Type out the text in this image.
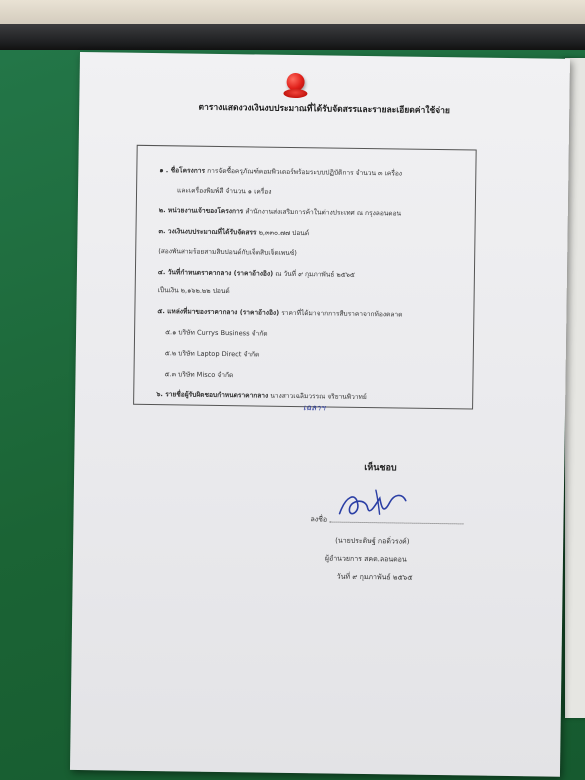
ตารางแสดงวงเงินงบประมาณที่ได้รับจัดสรรและรายละเอียดค่าใช้จ่าย
๑ . ชื่อโครงการ การจัดซื้อครุภัณฑ์คอมพิวเตอร์พร้อมระบบปฏิบัติการ จำนวน ๓ เครื่อง
และเครื่องพิมพ์สี จำนวน ๑ เครื่อง
๒. หน่วยงานเจ้าของโครงการ สำนักงานส่งเสริมการค้าในต่างประเทศ ณ กรุงลอนดอน
๓. วงเงินงบประมาณที่ได้รับจัดสรร ๒,๓๓๐.๗๗ ปอนด์
(สองพันสามร้อยสามสิบปอนด์กับเจ็ดสิบเจ็ดเพนซ์)
๔. วันที่กำหนดราคากลาง (ราคาอ้างอิง) ณ วันที่ ๙ กุมภาพันธ์ ๒๕๖๕
เป็นเงิน ๒,๑๖๒.๒๒ ปอนด์
๕. แหล่งที่มาของราคากลาง (ราคาอ้างอิง) ราคาที่ได้มาจากการสืบราคาจากท้องตลาด
๕.๑ บริษัท Currys Business จำกัด
๕.๒ บริษัท Laptop Direct จำกัด
๕.๓ บริษัท Misco จำกัด
๖. รายชื่อผู้รับผิดชอบกำหนดราคากลาง นางสาวเฉลิมวรรณ จริยานพิวาทย์
เฉลาฯ
เห็นชอบ
ลงชื่อ
(นายประดิษฐ์ กอดิ่วรงค์)
ผู้อำนวยการ สคต.ลอนดอน
วันที่ ๙ กุมภาพันธ์ ๒๕๖๕
